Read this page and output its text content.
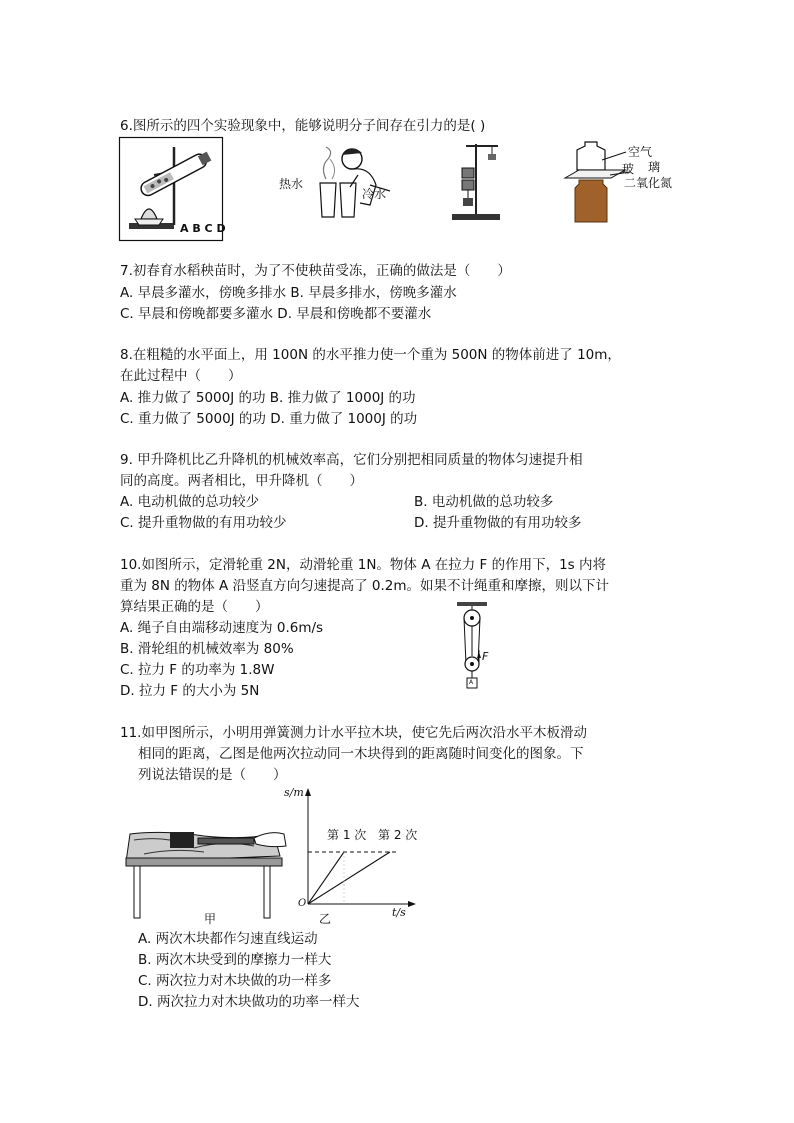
6.图所示的四个实验现象中，能够说明分子间存在引力的是( )
A B C D
热水
冷水
空气
玻 璃
二氧化氮
7.初春育水稻秧苗时，为了不使秧苗受冻，正确的做法是（　　）
A. 早晨多灌水，傍晚多排水 B. 早晨多排水，傍晚多灌水
C. 早晨和傍晚都要多灌水 D. 早晨和傍晚都不要灌水
8.在粗糙的水平面上，用 100N 的水平推力使一个重为 500N 的物体前进了 10m，
在此过程中（　　）
A. 推力做了 5000J 的功 B. 推力做了 1000J 的功
C. 重力做了 5000J 的功 D. 重力做了 1000J 的功
9. 甲升降机比乙升降机的机械效率高，它们分别把相同质量的物体匀速提升相
同的高度。两者相比，甲升降机（　　）
A. 电动机做的总功较少	B. 电动机做的总功较多
C. 提升重物做的有用功较少	D. 提升重物做的有用功较多
10.如图所示，定滑轮重 2N，动滑轮重 1N。物体 A 在拉力 F 的作用下，1s 内将
重为 8N 的物体 A 沿竖直方向匀速提高了 0.2m。如果不计绳重和摩擦，则以下计
算结果正确的是（　　）
A. 绳子自由端移动速度为 0.6m/s
B. 滑轮组的机械效率为 80%
C. 拉力 F 的功率为 1.8W
D. 拉力 F 的大小为 5N
F
A
11.如甲图所示，小明用弹簧测力计水平拉木块，使它先后两次沿水平木板滑动
相同的距离，乙图是他两次拉动同一木块得到的距离随时间变化的图象。下
列说法错误的是（　　）
甲
s/m
t/s
O
第 1 次 第 2 次
乙
A. 两次木块都作匀速直线运动
B. 两次木块受到的摩擦力一样大
C. 两次拉力对木块做的功一样多
D. 两次拉力对木块做功的功率一样大
